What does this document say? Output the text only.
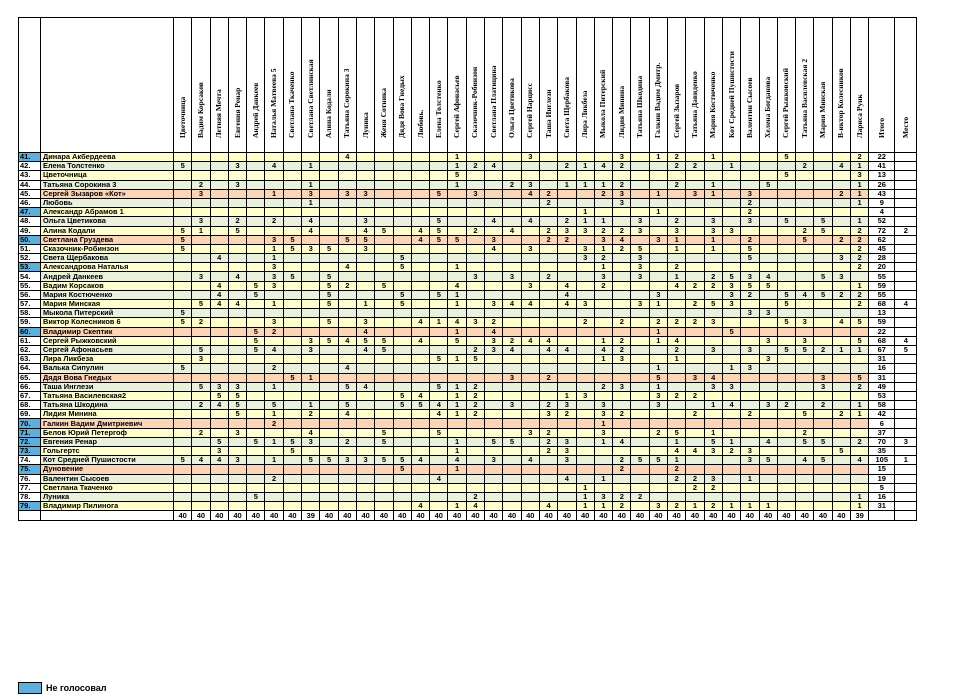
		Цветочница	Вадим Корсаков	Летняя Мечта	Евгения Ренар	Андрей Данкеев	Наталья Матвеева 5	Светлана Ткаченко	Светлана Светлинская	Алина Кодали	Татьяна Сорокина 3	Луника	Женя Сотника	Дядя Вова Гнедых	Любовь.	Елена Толстенко	Сергей Афонасьев	Сказочник-Робинзон	Светлана Платицина	Ольга Цветикова	Сергей Нарцисс	Таша Инглези	Света Щербакова	Лира Ликбеза	Мыкола Питерский	Лидия Минина	Татьяна Шкодина	Галкин Вадим Дмитр.	Сергей Зызаров	Татьяна Давиденко	Мария Костюченко	Кот Средней Пушистости	Валентин Сысоев	Хелена Богданова	Сергей Рыжковский	Татьяна Василевская 2	Мария Минская	В-иктор Колесников	Лариса Рунк	Итого	Место

41.	Динара Акбердеева										4						1				3					3		1	2		1				5				2	22	
42.	Елена Толстенко	5			3		4		1								1	2	4				2	1	4	2			2	2		1				2		4	1	41	
43.	Цветочница																5																		5				3	13	
44.	Татьяна Сорокина 3		2		3				1								1			2	3		1	1	1	2			2		1			5					1	26	
45.	Сергей Зызаров «Кот»		3				1		3		3	3				5		3			4	2			2	3		1		3	1		3					2	1	43	
46.	Любовь								1													2				3							2						1	9	
47.	Александр Абрамов 1																							1				1					2							4	
48.	Ольга Цветикова		3		2		2		4			3				5			4		4		2	1	1		3		2		3		3		5		5		1	52	
49.	Алина Кодали	5	1		5				4			4	5		4	5		2		4		2	3	3	2	2	3		3		3	3				2	5		2	72	2
50.	Светлана Груздева	5					3	5			5	5			4	5	5		3			2	2		3	4		3	1		1		2			5		2	2	62	
51.	Сказочник-Робинзон	5					1	5	3	5		3							4		3			3	1	2	5		1		1		5						2	45	
52.	Света Щербакова			4			1							5										3	2		3						5					3	2	28	
53.	Александрова Наталья						3				4			5			1								1		3		2										2	20	
54.	Андрей Данкеев		3		4		3	5		5								3		3		2			3		3		1		2	5	3	4			5	3		55	
55.	Вадим Корсаков			4		5	3			5	2		5				4				3		4		2				4	2	2	3	5	5					1	59	
56.	Мария Костюченко			4		5				5				5		5	1						4					3				3	2		5	4	5	2	2	55	
57.	Мария Минская		5	4	4		1			5		1		5			1		3	4	4		4	3			3	1		2	5	3			5				2	68	4
58.	Мыкола Питерский	5																															3	3						13	
59.	Виктор Колесников 6	5	2				3			5		3			4	1	4	3	2					2		2		2	2	2	3				5	3		4	5	59	
60.	Владимир Скептик					5	2					4					1		4									1				5								22	
61.	Сергей Рыжковский					5			3	5	4	5	5		4		5		3	2	4	4			1	2		1	4					3		3			5	68	4
62.	Сергей Афонасьев		5			5	4		3			4	5					2	3	4		4	4		4	2			2		3		3		5	5	2	1	1	67	5
63.	Лира Ликбеза		3													5	1	5							1	3			1					3						31	
64.	Валька Сипулин	5					2				4																	1				1	3							16	
65.	Дядя Вова Гнедых							5	1											3		2						5		3	4						3		5	31	
66.	Таша Инглези		5	3	3		1				5	4				5	1	2							2	3		1			3	3					3		2	49	
67.	Татьяна Василевская2			5	5									5	4		1	2					1	3				3	2	2										53	
68.	Татьяна Шкодина		2	4	5		5		1		5			5	5	4	1	2		3		2	3		3			3			1	4		3	2		2		1	58	
69.	Лидия Минина				5		1		2		4					4	1	2				3	2		3	2				2			2			5		2	1	42	
70.	Галкин Вадим Дмитриевич						2																		1															6	
71.	Белов Юрий Петергоф		2		3				4				5			5					3	2			3			2	5		1					2				37	
72.	Евгения Ренар			5		5	1	5	3		2		5				1		5	5		2	3		1	4			1		5	1		4		5	5		2	70	3
73.	Гольгертс			3				5									1					2	3						4	4	3	2	3					5		35	
74.	Кот Средней Пушистости	5	4	4	3		1		5	5	3	3	5	5	4		4		3		4		3			2	5	5	1				3	5		4	5		4	105	1
75.	Дуновение													5			1									2			2											15	
76.	Валентин Сысоев						2									4							4		1				2	2	3		1							19	
77.	Светлана Ткаченко																							1						2	2									5	
78.	Луника					5												2						1	3	2	2												1	16	
79.	Владимир Пилинога														4		1	4				4		1	1	2		3	2	1	2	1	1	1					1	31	
		40	40	40	40	40	40	40	39	40	40	40	40	40	40	40	40	40	40	40	40	40	40	40	40	40	40	40	40	40	40	40	40	40	40	40	40	40	39		
Не голосовал
